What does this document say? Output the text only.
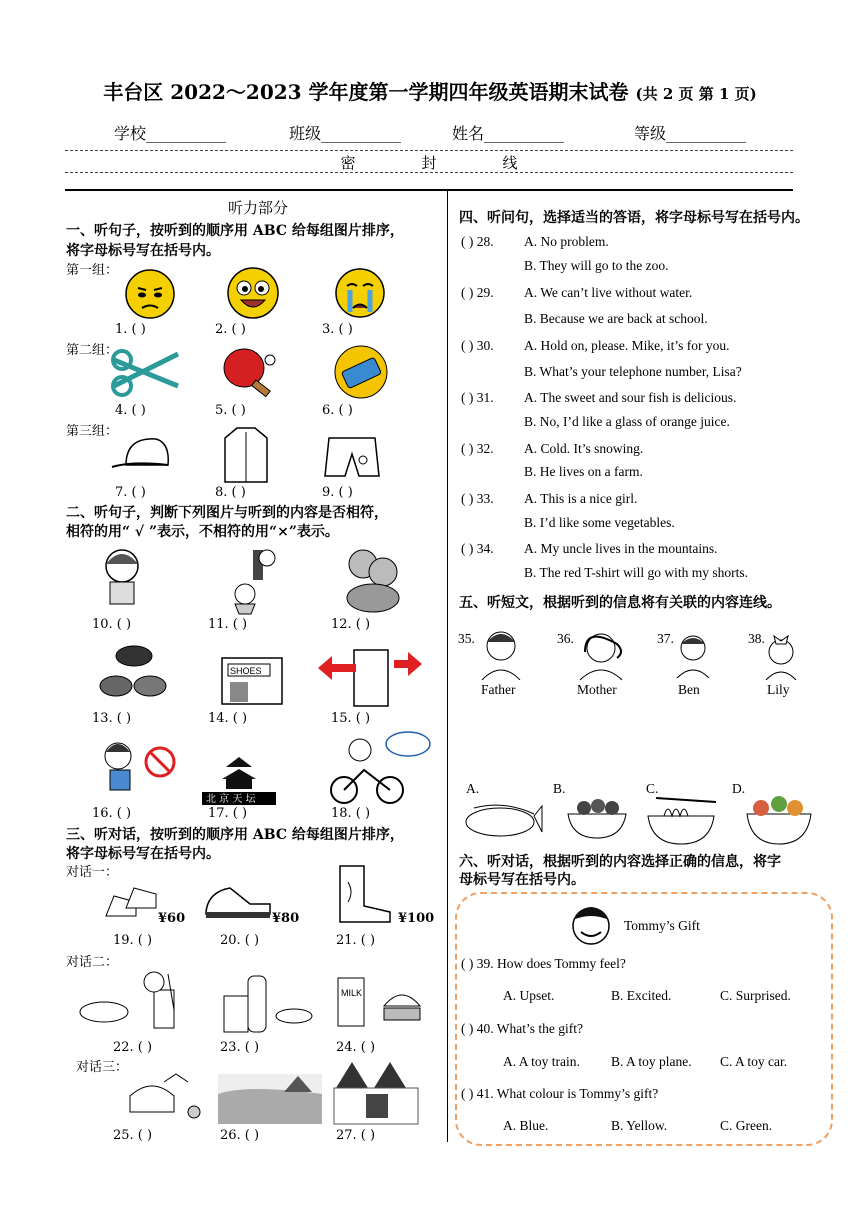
丰台区 2022～2023 学年度第一学期四年级英语期末试卷 (共 2 页 第 1 页)
学校__________	班级__________	姓名__________	等级__________
密	封	线
听力部分
一、听句子，按听到的顺序用 ABC 给每组图片排序，
将字母标号写在括号内。
第一组：
1. ( )	2. ( )	3. ( )
第二组：
4. ( )	5. ( )	6. ( )
第三组：
7. ( )	8. ( )	9. ( )
二、听句子，判断下列图片与听到的内容是否相符，
相符的用“ √ ”表示，不相符的用“×”表示。
10. ( )	11. ( )	12. ( )
SHOES
13. ( )	14. ( )	15. ( )
北 京 天 坛
16. ( )	17. ( )	18. ( )
三、听对话，按听到的顺序用 ABC 给每组图片排序，
将字母标号写在括号内。
对话一：
¥60	¥80	¥100
19. ( )	20. ( )	21. ( )
对话二：
MILK
22. ( )	23. ( )	24. ( )
对话三：
25. ( )	26. ( )	27. ( )
四、听问句，选择适当的答语，将字母标号写在括号内。
( ) 28. A. No problem.
B. They will go to the zoo.
( ) 29. A. We can’t live without water.
B. Because we are back at school.
( ) 30. A. Hold on, please. Mike, it’s for you.
B. What’s your telephone number, Lisa?
( ) 31. A. The sweet and sour fish is delicious.
B. No, I’d like a glass of orange juice.
( ) 32. A. Cold. It’s snowing.
B. He lives on a farm.
( ) 33. A. This is a nice girl.
B. I’d like some vegetables.
( ) 34. A. My uncle lives in the mountains.
B. The red T-shirt will go with my shorts.
五、听短文，根据听到的信息将有关联的内容连线。
35.
Father
36.
Mother
37.
Ben
38.
Lily
A.	B.	C.	D.
六、听对话，根据听到的内容选择正确的信息，将字
母标号写在括号内。
Tommy’s Gift
( ) 39. How does Tommy feel?
A. Upset.	B. Excited.	C. Surprised.
( ) 40. What’s the gift?
A. A toy train. B. A toy plane. C. A toy car.
( ) 41. What colour is Tommy’s gift?
A. Blue.	B. Yellow.	C. Green.
